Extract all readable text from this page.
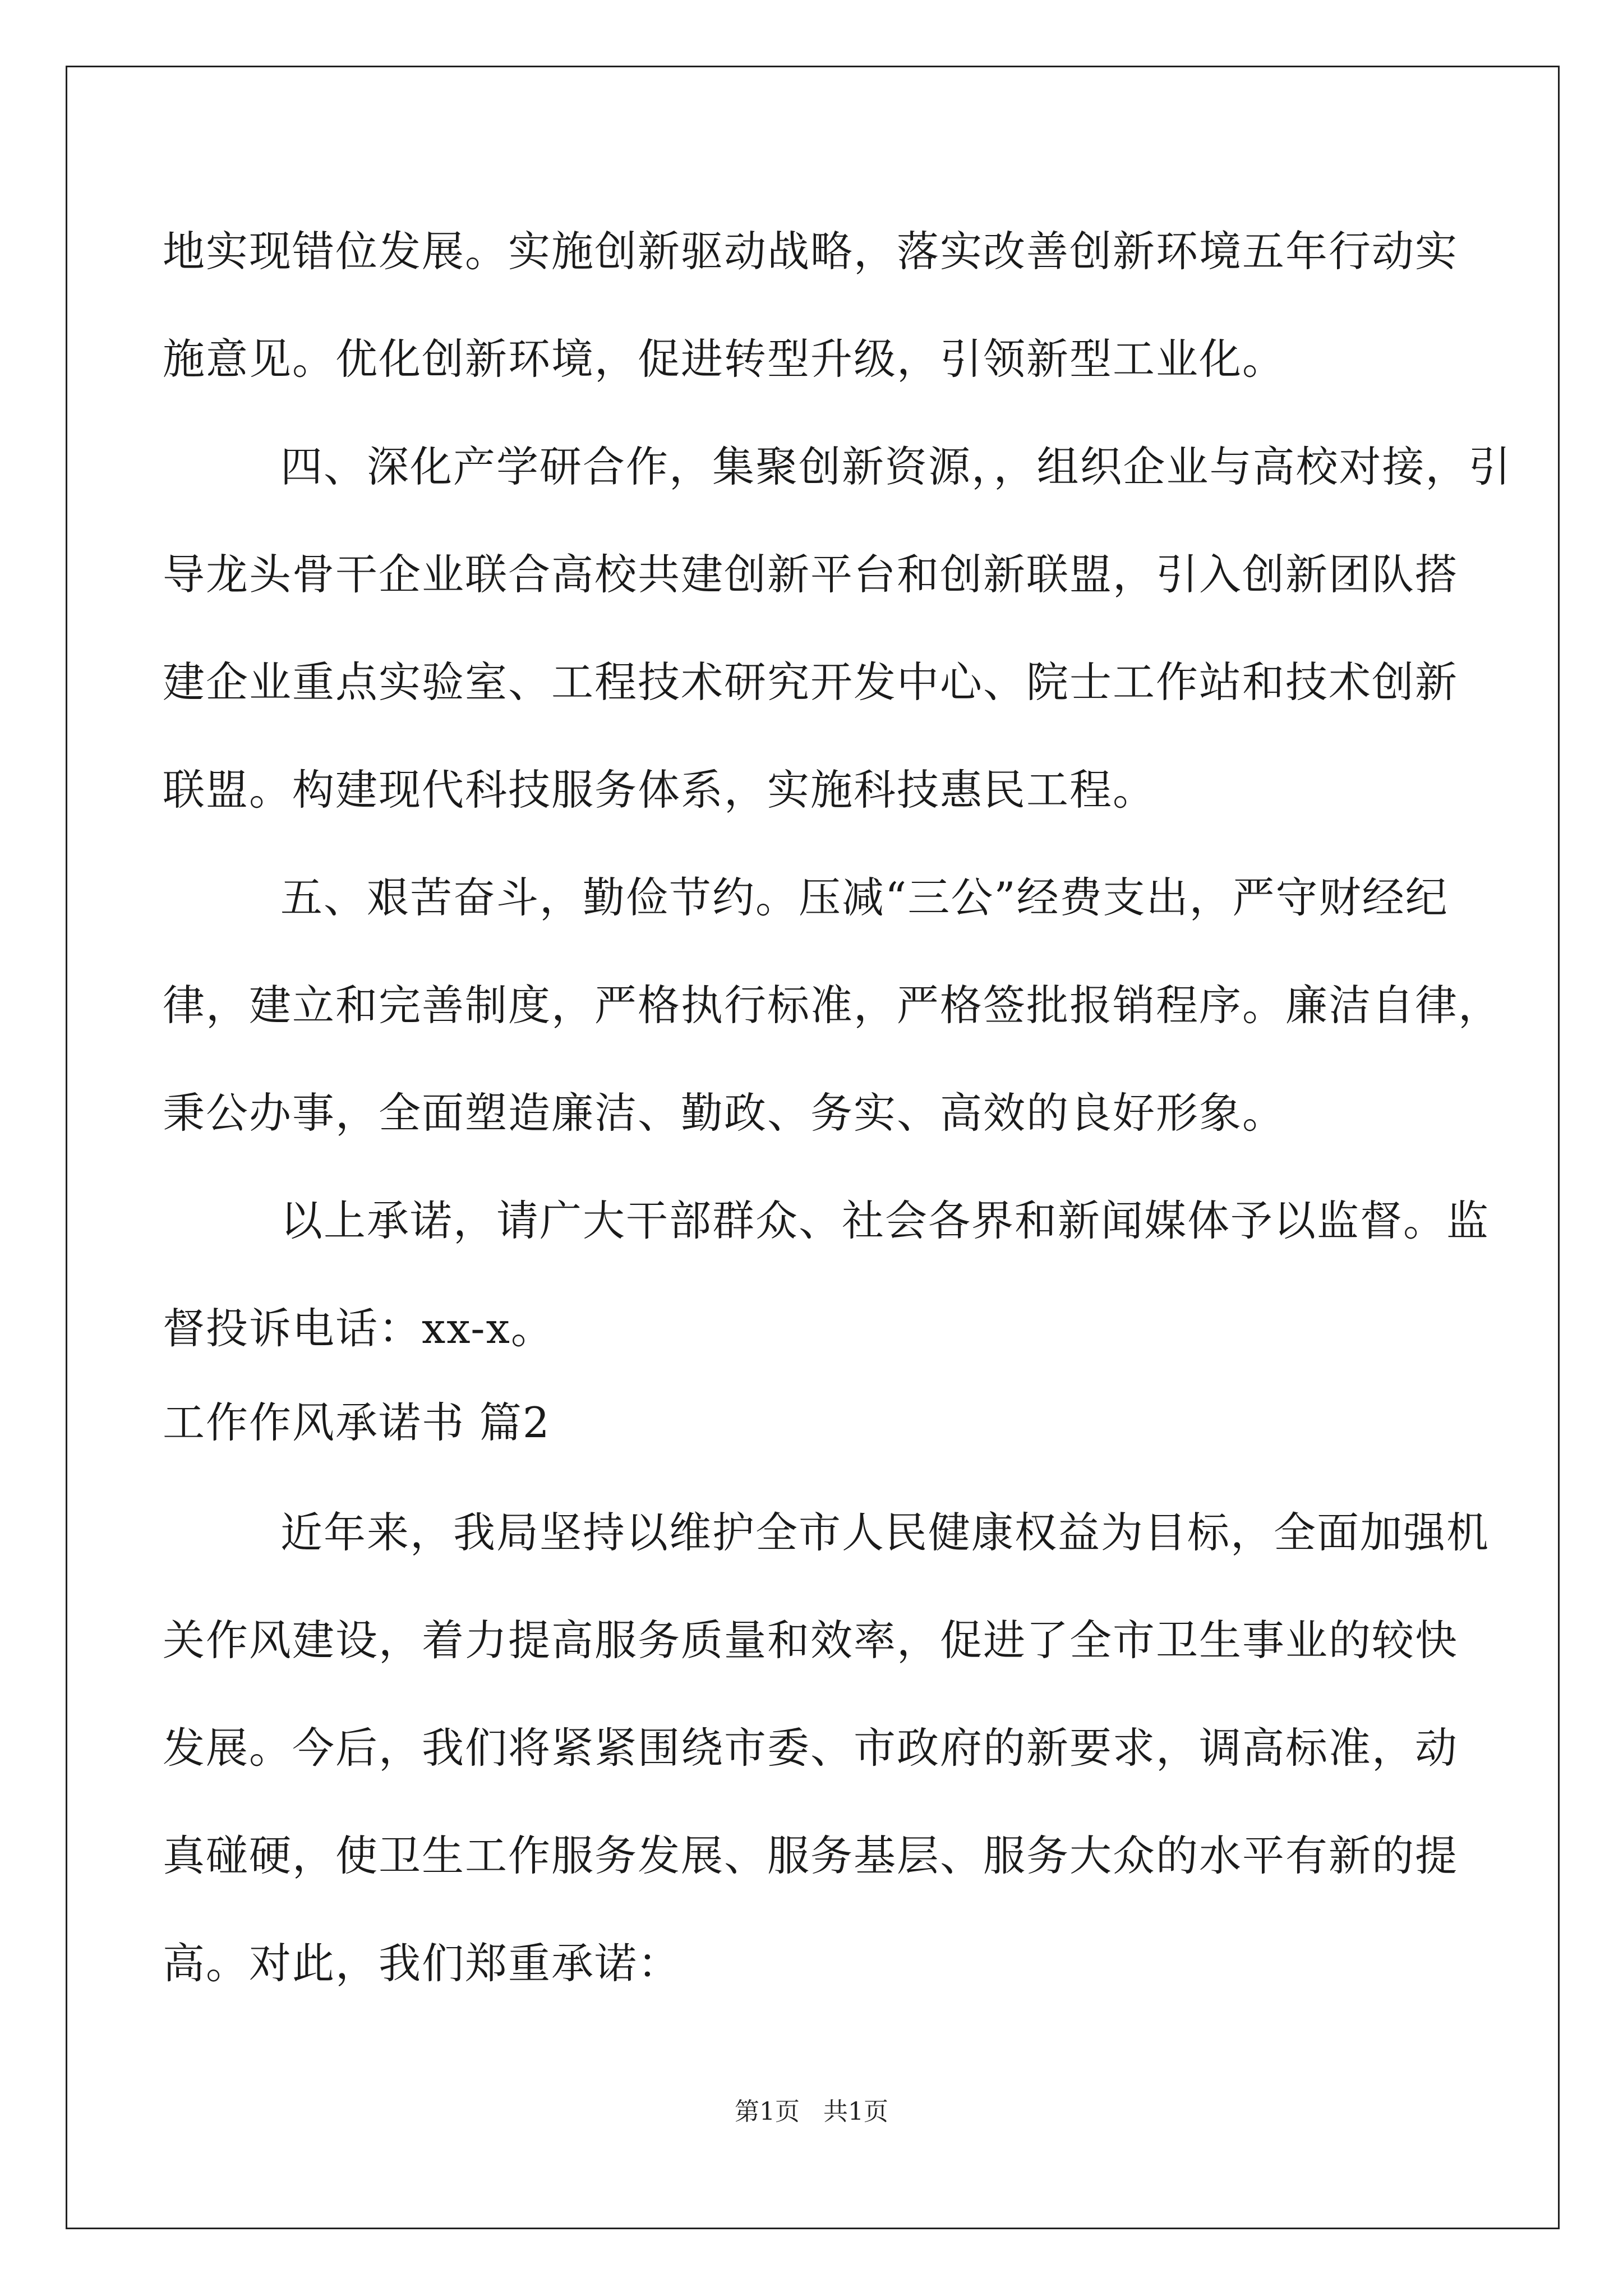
地实现错位发展。实施创新驱动战略，落实改善创新环境五年行动实
施意见。优化创新环境，促进转型升级，引领新型工业化。
四、深化产学研合作，集聚创新资源，，组织企业与高校对接，引
导龙头骨干企业联合高校共建创新平台和创新联盟，引入创新团队搭
建企业重点实验室、工程技术研究开发中心、院士工作站和技术创新
联盟。构建现代科技服务体系，实施科技惠民工程。
五、艰苦奋斗，勤俭节约。压减“三公”经费支出，严守财经纪
律，建立和完善制度，严格执行标准，严格签批报销程序。廉洁自律，
秉公办事，全面塑造廉洁、勤政、务实、高效的良好形象。
以上承诺，请广大干部群众、社会各界和新闻媒体予以监督。监
督投诉电话：xx-x。
工作作风承诺书 篇2
近年来，我局坚持以维护全市人民健康权益为目标，全面加强机
关作风建设，着力提高服务质量和效率，促进了全市卫生事业的较快
发展。今后，我们将紧紧围绕市委、市政府的新要求，调高标准，动
真碰硬，使卫生工作服务发展、服务基层、服务大众的水平有新的提
高。对此，我们郑重承诺：
第1页   共1页
